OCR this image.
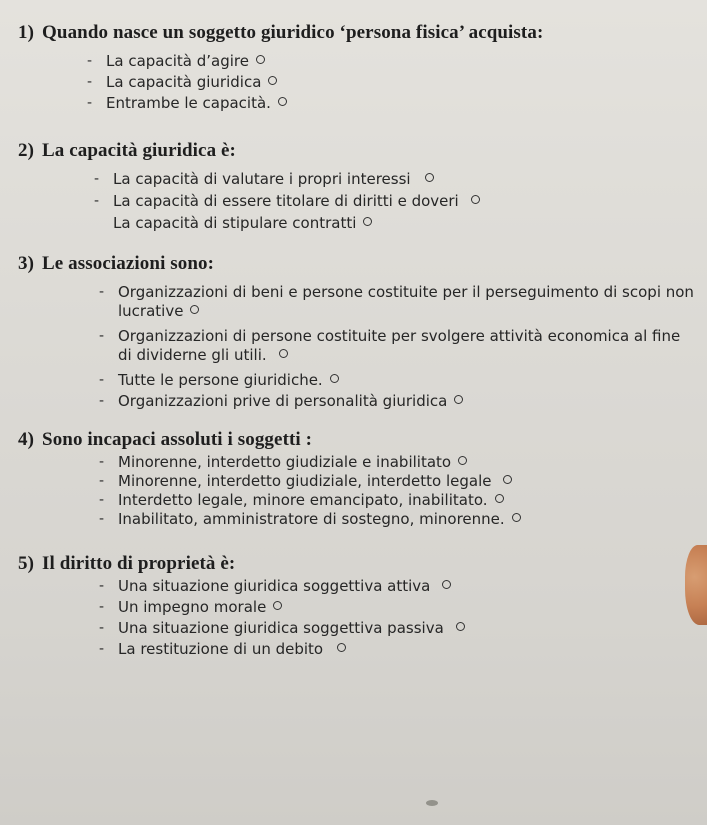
1) Quando nasce un soggetto giuridico ‘persona fisica’ acquista:
- La capacità d’agire
- La capacità giuridica
- Entrambe le capacità.
2) La capacità giuridica è:
- La capacità di valutare i propri interessi
- La capacità di essere titolare di diritti e doveri
La capacità di stipulare contratti
3) Le associazioni sono:
- Organizzazioni di beni e persone costituite per il perseguimento di scopi non lucrative
- Organizzazioni di persone costituite per svolgere attività economica al fine di dividerne gli utili.
- Tutte le persone giuridiche.
- Organizzazioni prive di personalità giuridica
4) Sono incapaci assoluti i soggetti :
- Minorenne, interdetto giudiziale e inabilitato
- Minorenne, interdetto giudiziale, interdetto legale
- Interdetto legale, minore emancipato, inabilitato.
- Inabilitato, amministratore di sostegno, minorenne.
5) Il diritto di proprietà è:
- Una situazione giuridica soggettiva attiva
- Un impegno morale
- Una situazione giuridica soggettiva passiva
- La restituzione di un debito
